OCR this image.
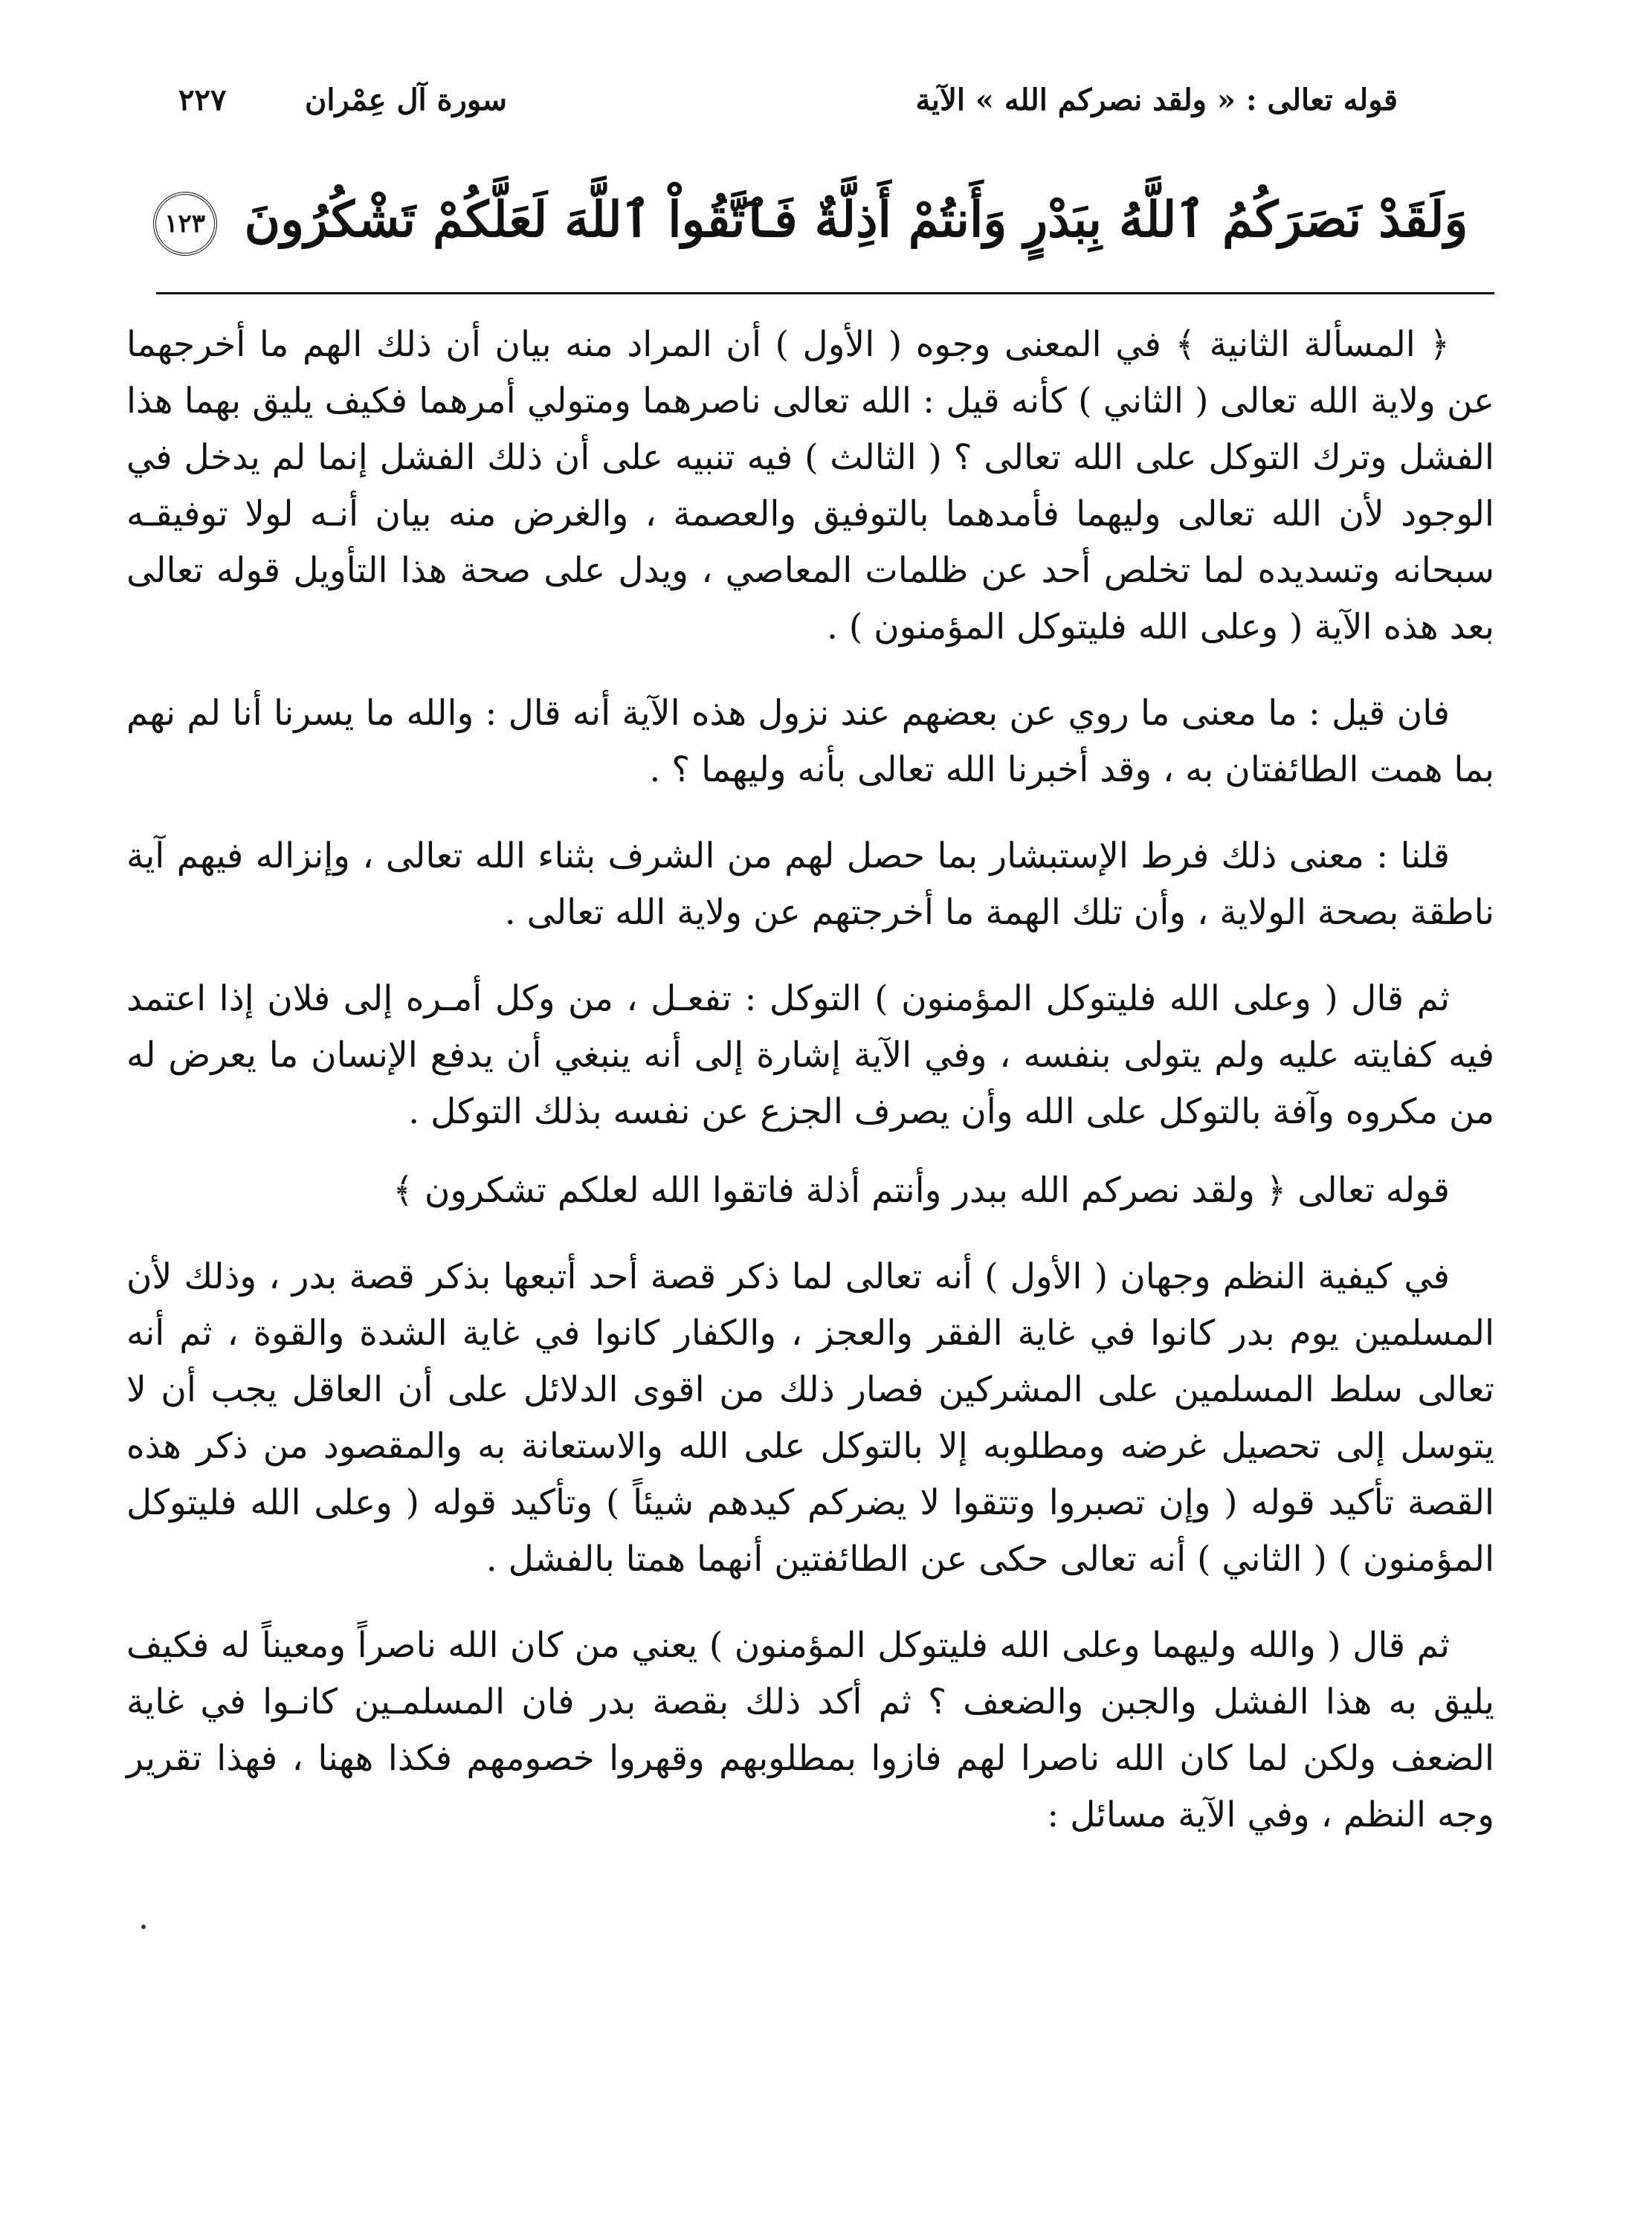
قوله تعالى : « ولقد نصركم الله » الآية
سورة آل عِمْران
٢٢٧
وَلَقَدْ نَصَرَكُمُ ٱللَّهُ بِبَدْرٍ وَأَنتُمْ أَذِلَّةٌ فَٱتَّقُواْ ٱللَّهَ لَعَلَّكُمْ تَشْكُرُونَ ١٢٣

﴿ المسألة الثانية ﴾ في المعنى وجوه ( الأول ) أن المراد منه بيان أن ذلك الهم ما أخرجهما عن ولاية الله تعالى ( الثاني ) كأنه قيل : الله تعالى ناصرهما ومتولي أمرهما فكيف يليق بهما هذا الفشل وترك التوكل على الله تعالى ؟ ( الثالث ) فيه تنبيه على أن ذلك الفشل إنما لم يدخل في الوجود لأن الله تعالى وليهما فأمدهما بالتوفيق والعصمة ، والغرض منه بيان أنـه لولا توفيقـه سبحانه وتسديده لما تخلص أحد عن ظلمات المعاصي ، ويدل على صحة هذا التأويل قوله تعالى بعد هذه الآية ( وعلى الله فليتوكل المؤمنون ) .

فان قيل : ما معنى ما روي عن بعضهم عند نزول هذه الآية أنه قال : والله ما يسرنا أنا لم نهم بما همت الطائفتان به ، وقد أخبرنا الله تعالى بأنه وليهما ؟ .

قلنا : معنى ذلك فرط الإستبشار بما حصل لهم من الشرف بثناء الله تعالى ، وإنزاله فيهم آية ناطقة بصحة الولاية ، وأن تلك الهمة ما أخرجتهم عن ولاية الله تعالى .

ثم قال ( وعلى الله فليتوكل المؤمنون ) التوكل : تفعـل ، من وكل أمـره إلى فلان إذا اعتمد فيه كفايته عليه ولم يتولى بنفسه ، وفي الآية إشارة إلى أنه ينبغي أن يدفع الإنسان ما يعرض له من مكروه وآفة بالتوكل على الله وأن يصرف الجزع عن نفسه بذلك التوكل .

قوله تعالى ﴿ ولقد نصركم الله ببدر وأنتم أذلة فاتقوا الله لعلكم تشكرون ﴾

في كيفية النظم وجهان ( الأول ) أنه تعالى لما ذكر قصة أحد أتبعها بذكر قصة بدر ، وذلك لأن المسلمين يوم بدر كانوا في غاية الفقر والعجز ، والكفار كانوا في غاية الشدة والقوة ، ثم أنه تعالى سلط المسلمين على المشركين فصار ذلك من اقوى الدلائل على أن العاقل يجب أن لا يتوسل إلى تحصيل غرضه ومطلوبه إلا بالتوكل على الله والاستعانة به والمقصود من ذكر هذه القصة تأكيد قوله ( وإن تصبروا وتتقوا لا يضركم كيدهم شيئاً ) وتأكيد قوله ( وعلى الله فليتوكل المؤمنون ) ( الثاني ) أنه تعالى حكى عن الطائفتين أنهما همتا بالفشل .

ثم قال ( والله وليهما وعلى الله فليتوكل المؤمنون ) يعني من كان الله ناصراً ومعيناً له فكيف يليق به هذا الفشل والجبن والضعف ؟ ثم أكد ذلك بقصة بدر فان المسلمـين كانـوا في غاية الضعف ولكن لما كان الله ناصرا لهم فازوا بمطلوبهم وقهروا خصومهم فكذا ههنا ، فهذا تقرير وجه النظم ، وفي الآية مسائل :
